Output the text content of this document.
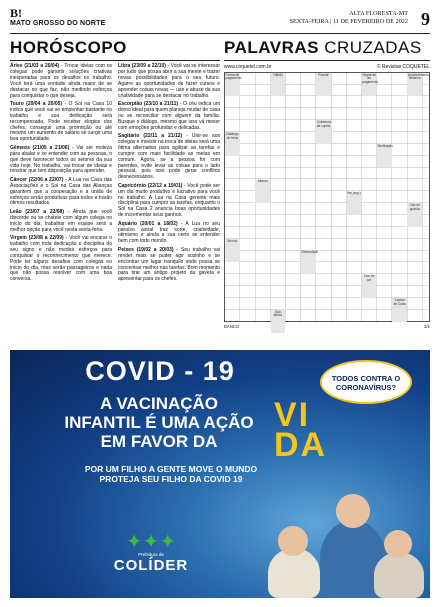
B!
MATO GROSSO DO NORTE
ALTA FLORESTA-MT
SEXTA-FEIRA | 11 DE FEVEREIRO DE 2022 9
HORÓSCOPO

Áries (21/03 a 20/04) - Trocar ideias com os colegas pode garantir soluções criativas inesperadas para os desafios no trabalho. Você terá uma vontade ainda maior de se destacar no que faz, não medindo esforços para conquistar o que deseja.

Touro (20/04 a 20/05) - O Sol na Casa 10 indica que você vai se empenhar bastante no trabalho e sua dedicação será recompensada. Pode receber elogios dos chefes, conseguir uma promoção ou até mesmo um aumento de salário se surgir uma boa oportunidade.

Gêmeos (21/05 a 21/06) - Vai ser moleza para abalar e se entender com as pessoas, o que deve favorecer todos os setores da sua vida hoje. No trabalho, vai trocar de ideias e mostrar que tem disposição para aprender.

Câncer (22/06 a 22/07) - A Lua na Casa das Associações e o Sol na Casa das Alianças garantem que a cooperação e a união de esforços serão produtivas para todos e trarão ótimos resultados.

Leão (23/07 a 22/08) - Ainda que você discorde ou se chateie com algum colega no início do dia, trabalhar em equipe será a melhor opção para você nesta sexta-feira.

Virgem (23/08 a 22/09) - Você vai encarar o trabalho com toda dedicação e disciplina do seu signo e não medirá esforços para conquistar o reconhecimento que merece. Pode ter alguns desafios com colegas no início do dia, mas serão passageiros e nada que não possa resolver com uma boa conversa.

Libra (23/09 a 22/10) - Você vai se interessar por tudo que possa abrir a sua mente e trazer novas possibilidades para o seu futuro. Agarre as oportunidades de fazer cursos e aprender coisas novas — use e abuse da sua criatividade para se destacar no trabalho.

Escorpião (23/10 a 21/11) - O céu indica um dorno ideal para quem planeja mudar de casa ou se reconciliar com alguém da família. Busque o diálogo, mesmo que isso vá mexer com emoções profundas e delicadas.

Sagitário (22/11 a 21/12) - Unir-se aos colegas e investir na troca de ideias será uma ótima alternativa para agilizar as tarefas e cumprir com mais facilidade as metas em comum. Agora, se a pessoa for com parentes, evite levar as coisas para o lado pessoal, pois isso pode gerar conflitos desnecessários.

Capricórnio (22/12 a 19/01) - Você pode ser um dia muito produtivo e lucrativo para você no trabalho. A Lua na Casa gerente mais disciplina para cumprir as tarefas, enquanto o Sol na Casa 2 anuncia boas oportunidades de incrementar seus ganhos.

Aquário (20/01 a 18/02) - A Lua no seu paraíso astral traz sorte, criatividade, otimismo e ainda a sua certo se entender bem com todo mundo.

Peixes (19/02 a 20/03) - Seu trabalho vai render mais se puder agir sozinho e se encontrar um lugar tranquilo onde possa se concentrar melhor nas tarefas. Bom momento para tirar um antigo projeto da gaveta e apresentar para os chefes.

PALAVRAS CRUZADAS
www.coquetel.com.br	© Revistas COQUETEL
Forma de pagamento
Hábito	Fraude	Segue-se ao pagamento
Acontecimento histórico
Catálogo de trens
Cobertura de cupins
Medicação
Moeda
Rei (ingl.)
Cão de guarda
Morros
Eletricidade
Tom de cor
Solo tânico
Capital de Cuba
BANCO	3/1
COVID - 19	TODOS CONTRA O
CORONAVÍRUS?
A VACINAÇÃO
INFANTIL É UMA AÇÃO
EM FAVOR DA
VI
DA
POR UM FILHO A GENTE MOVE O MUNDO
PROTEJA SEU FILHO DA COVID 19
✦✦✦
Prefeitura de
COLÍDER
